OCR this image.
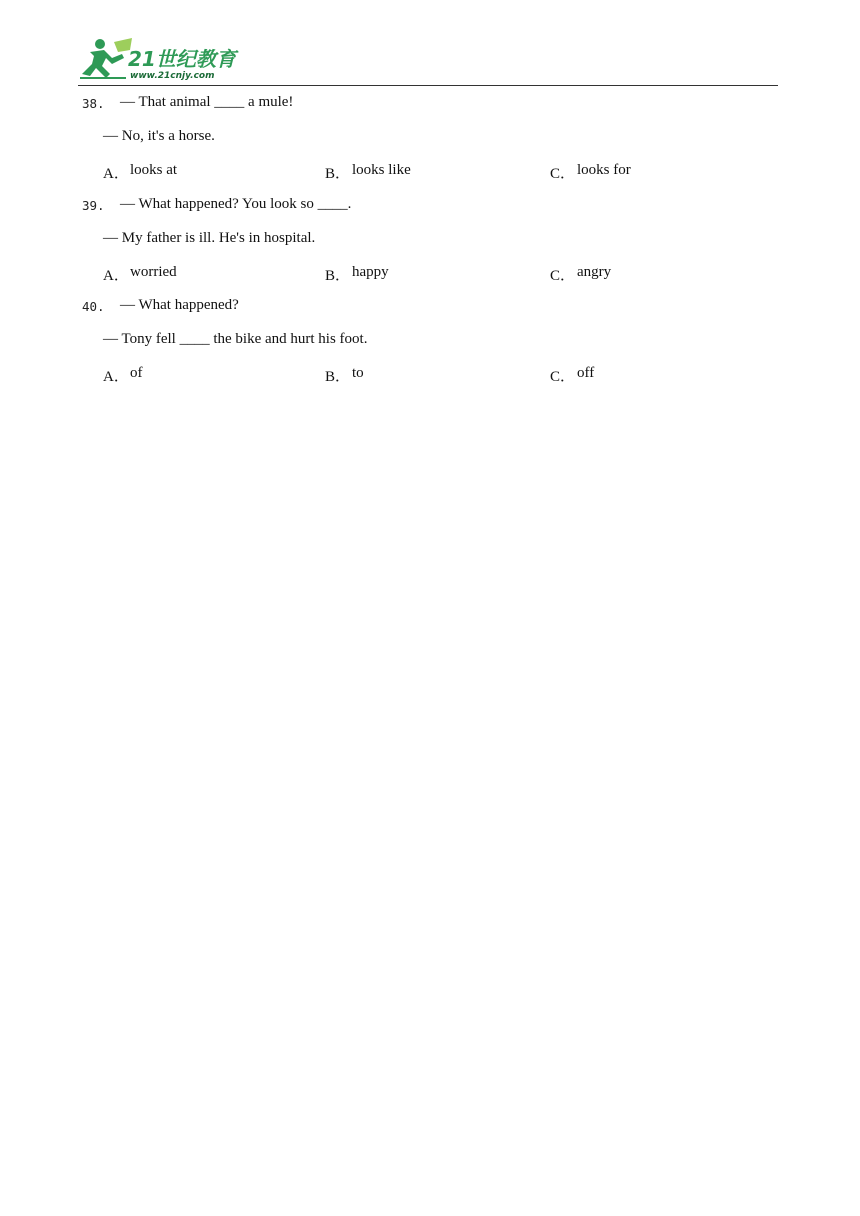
21世纪教育
www.21cnjy.com
38. — That animal ____ a mule!
— No, it's a horse.
A． looks at	B． looks like	C． looks for
39. — What happened? You look so ____.
— My father is ill. He's in hospital.
A． worried	B． happy	C． angry
40. — What happened?
— Tony fell ____ the bike and hurt his foot.
A． of	B． to	C． off
